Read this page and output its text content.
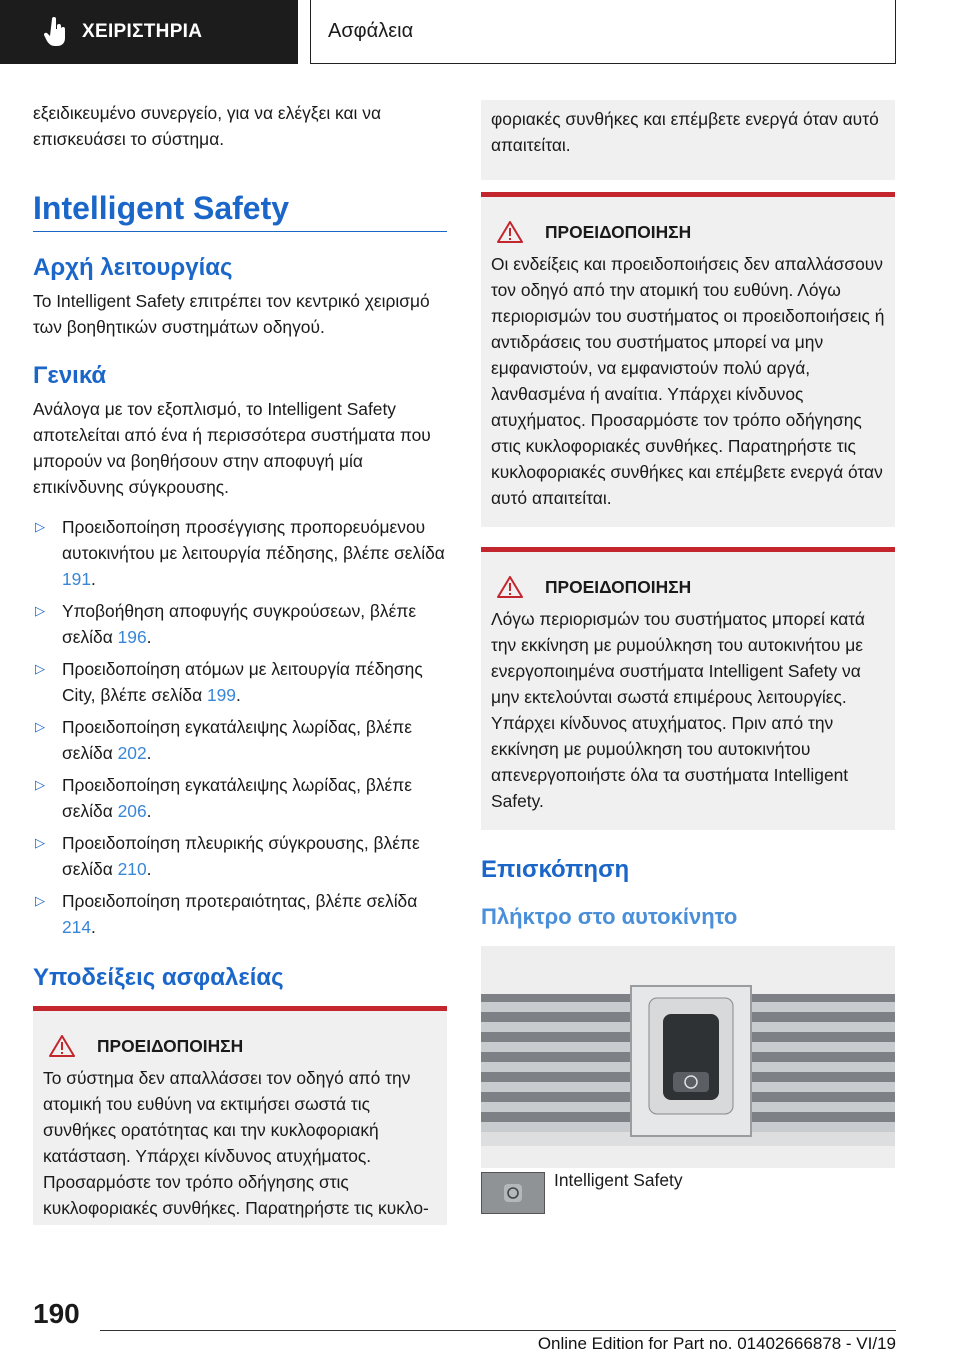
ΧΕΙΡΙΣΤΗΡΙΑ	Ασφάλεια

εξειδικευμένο συνεργείο, για να ελέγξει και να επισκευάσει το σύστημα.

Intelligent Safety
Αρχή λειτουργίας

Το Intelligent Safety επιτρέπει τον κεντρικό χειρισμό των βοηθητικών συστημάτων οδηγού.

Γενικά

Ανάλογα με τον εξοπλισμό, το Intelligent Safety αποτελείται από ένα ή περισσότερα συστήματα που μπορούν να βοηθήσουν στην αποφυγή μία επικίνδυνης σύγκρουσης.

▷ Προειδοποίηση προσέγγισης προπορευόμενου αυτοκινήτου με λειτουργία πέδησης, βλέπε σελίδα 191.
▷ Υποβοήθηση αποφυγής συγκρούσεων, βλέπε σελίδα 196.
▷ Προειδοποίηση ατόμων με λειτουργία πέδησης City, βλέπε σελίδα 199.
▷ Προειδοποίηση εγκατάλειψης λωρίδας, βλέπε σελίδα 202.
▷ Προειδοποίηση εγκατάλειψης λωρίδας, βλέπε σελίδα 206.
▷ Προειδοποίηση πλευρικής σύγκρουσης, βλέπε σελίδα 210.
▷ Προειδοποίηση προτεραιότητας, βλέπε σελίδα 214.
Υποδείξεις ασφαλείας
ΠΡΟΕΙΔΟΠΟΙΗΣΗ

Το σύστημα δεν απαλλάσσει τον οδηγό από την ατομική του ευθύνη να εκτιμήσει σωστά τις συνθήκες ορατότητας και την κυκλοφοριακή κατάσταση. Υπάρχει κίνδυνος ατυχήματος. Προσαρμόστε τον τρόπο οδήγησης στις κυκλοφοριακές συνθήκες. Παρατηρήστε τις κυκλο-

φοριακές συνθήκες και επέμβετε ενεργά όταν αυτό απαιτείται.

ΠΡΟΕΙΔΟΠΟΙΗΣΗ

Οι ενδείξεις και προειδοποιήσεις δεν απαλλάσσουν τον οδηγό από την ατομική του ευθύνη. Λόγω περιορισμών του συστήματος οι προειδοποιήσεις ή αντιδράσεις του συστήματος μπορεί να μην εμφανιστούν, να εμφανιστούν πολύ αργά, λανθασμένα ή αναίτια. Υπάρχει κίνδυνος ατυχήματος. Προσαρμόστε τον τρόπο οδήγησης στις κυκλοφοριακές συνθήκες. Παρατηρήστε τις κυκλοφοριακές συνθήκες και επέμβετε ενεργά όταν αυτό απαιτείται.

ΠΡΟΕΙΔΟΠΟΙΗΣΗ

Λόγω περιορισμών του συστήματος μπορεί κατά την εκκίνηση με ρυμούλκηση του αυτοκινήτου με ενεργοποιημένα συστήματα Intelligent Safety να μην εκτελούνται σωστά επιμέρους λειτουργίες. Υπάρχει κίνδυνος ατυχήματος. Πριν από την εκκίνηση με ρυμούλκηση του αυτοκινήτου απενεργοποιήστε όλα τα συστήματα Intelligent Safety.

Επισκόπηση
Πλήκτρο στο αυτοκίνητο
Intelligent Safety
190
Online Edition for Part no. 01402666878 - VI/19
